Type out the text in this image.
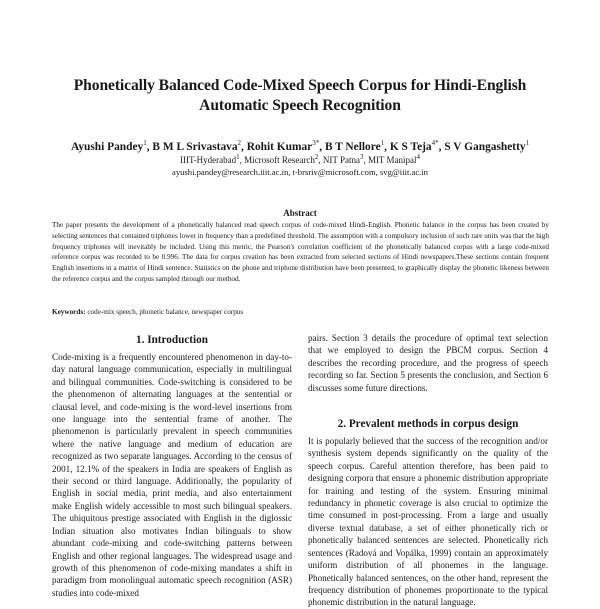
Phonetically Balanced Code-Mixed Speech Corpus for Hindi-English Automatic Speech Recognition
Ayushi Pandey$^1$, B M L Srivastava$^2$, Rohit Kumar$^{3*}$, B T Nellore$^1$, K S Teja$^{4*}$, S V Gangashetty$^1$
IIIT-Hyderabad$^1$, Microsoft Research$^2$, NIT Patna$^3$, MIT Manipal$^4$
ayushi.pandey@research.iiit.ac.in, t-brsriv@microsoft.com, svg@iiit.ac.in
Abstract
The paper presents the development of a phonetically balanced read speech corpus of code-mixed Hindi-English. Phonetic balance in the corpus has been created by selecting sentences that contained triphones lower in frequency than a predefined threshold. The assumption with a compulsory inclusion of such rare units was that the high frequency triphones will inevitably be included. Using this metric, the Pearson's correlation coefficient of the phonetically balanced corpus with a large code-mixed reference corpus was recorded to be 0.996. The data for corpus creation has been extracted from selected sections of Hindi newspapers.These sections contain frequent English insertions in a matrix of Hindi sentence. Statistics on the phone and triphone distribution have been presented, to graphically display the phonetic likeness between the reference corpus and the corpus sampled through our method.
Keywords: code-mix speech, phonetic balance, newspaper corpus
1. Introduction

Code-mixing is a frequently encountered phenomenon in day-to-day natural language communication, especially in multilingual and bilingual communities. Code-switching is considered to be the phenomenon of alternating languages at the sentential or clausal level, and code-mixing is the word-level insertions from one language into the sentential frame of another. The phenomenon is particularly prevalent in speech communities where the native language and medium of education are recognized as two separate languages. According to the census of 2001, 12.1% of the speakers in India are speakers of English as their second or third language. Additionally, the popularity of English in social media, print media, and also entertainment make English widely accessible to most such bilingual speakers. The ubiquitous prestige associated with English in the diglossic Indian situation also motivates Indian bilinguals to show abundant code-mixing and code-switching patterns between English and other regional languages. The widespread usage and growth of this phenomenon of code-mixing mandates a shift in paradigm from monolingual automatic speech recognition (ASR) studies into code-mixed

pairs. Section 3 details the procedure of optimal text selection that we employed to design the PBCM corpus. Section 4 describes the recording procedure, and the progress of speech recording so far. Section 5 presents the conclusion, and Section 6 discusses some future directions.

2. Prevalent methods in corpus design

It is popularly believed that the success of the recognition and/or synthesis system depends significantly on the quality of the speech corpus. Careful attention therefore, has been paid to designing corpora that ensure a phonemic distribution appropriate for training and testing of the system. Ensuring minimal redundancy in phonetic coverage is also crucial to optimize the time consumed in post-processing. From a large and usually diverse textual database, a set of either phonetically rich or phonetically balanced sentences are selected. Phonetically rich sentences (Radová and Vopálka, 1999) contain an approximately uniform distribution of all phonemes in the language. Phonetically balanced sentences, on the other hand, represent the frequency distribution of phonemes proportionate to the typical phonemic distribution in the natural language.
